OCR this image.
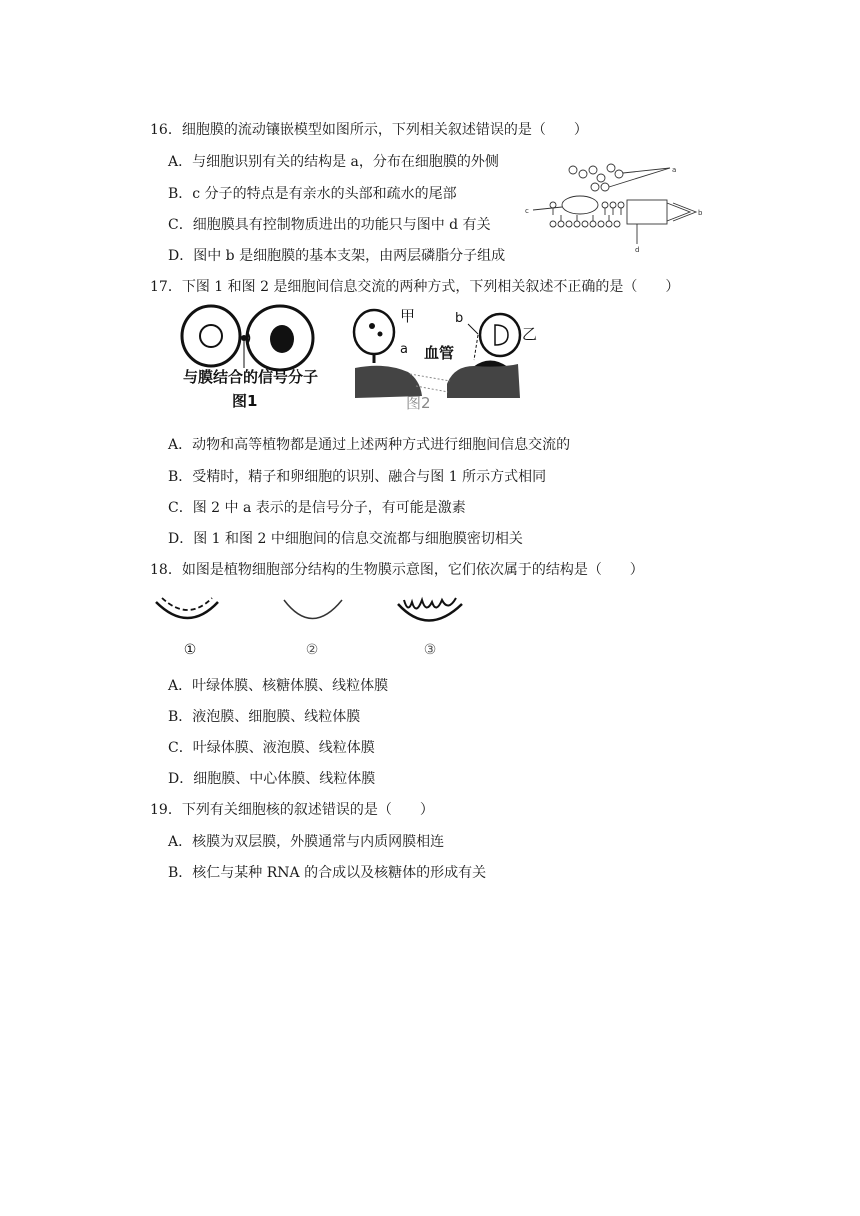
16．细胞膜的流动镶嵌模型如图所示，下列相关叙述错误的是（　　）
A．与细胞识别有关的结构是 a，分布在细胞膜的外侧
B．c 分子的特点是有亲水的头部和疏水的尾部
C．细胞膜具有控制物质进出的功能只与图中 d 有关
D．图中 b 是细胞膜的基本支架，由两层磷脂分子组成
a
b
c
d
17．下图 1 和图 2 是细胞间信息交流的两种方式，下列相关叙述不正确的是（　　）
与膜结合的信号分子
图1
甲
乙
a
b
血管
图2
A．动物和高等植物都是通过上述两种方式进行细胞间信息交流的
B．受精时，精子和卵细胞的识别、融合与图 1 所示方式相同
C．图 2 中 a 表示的是信号分子，有可能是激素
D．图 1 和图 2 中细胞间的信息交流都与细胞膜密切相关
18．如图是植物细胞部分结构的生物膜示意图，它们依次属于的结构是（　　）
①	②	③
A．叶绿体膜、核糖体膜、线粒体膜
B．液泡膜、细胞膜、线粒体膜
C．叶绿体膜、液泡膜、线粒体膜
D．细胞膜、中心体膜、线粒体膜
19．下列有关细胞核的叙述错误的是（　　）
A．核膜为双层膜，外膜通常与内质网膜相连
B．核仁与某种 RNA 的合成以及核糖体的形成有关
